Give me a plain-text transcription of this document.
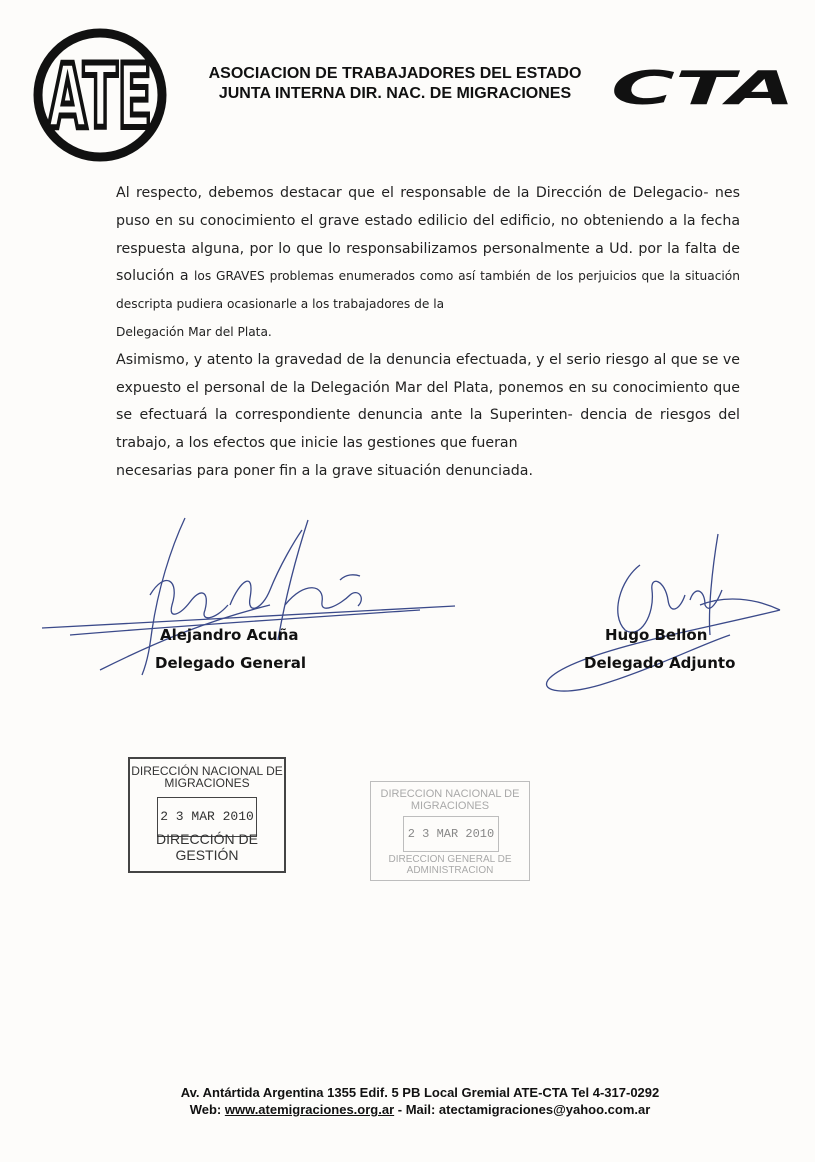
ATE	ASOCIACION DE TRABAJADORES DEL ESTADO
JUNTA INTERNA DIR. NAC. DE MIGRACIONES CTA

Al respecto, debemos destacar que el responsable de la Dirección de Delegacio- nes puso en su conocimiento el grave estado edilicio del edificio, no obteniendo a la fecha respuesta alguna, por lo que lo responsabilizamos personalmente a Ud. por la falta de solución a los GRAVES problemas enumerados como así también de los perjuicios que la situación descripta pudiera ocasionarle a los trabajadores de la
Delegación Mar del Plata.

Asimismo, y atento la gravedad de la denuncia efectuada, y el serio riesgo al que se ve expuesto el personal de la Delegación Mar del Plata, ponemos en su conocimiento que se efectuará la correspondiente denuncia ante la Superinten- dencia de riesgos del trabajo, a los efectos que inicie las gestiones que fueran
necesarias para poner fin a la grave situación denunciada.

Alejandro Acuña
Delegado General
Hugo Bellon
Delegado Adjunto
DIRECCIÓN NACIONAL DE MIGRACIONES
2 3 MAR 2010
DIRECCIÓN DE GESTIÓN
DIRECCION NACIONAL DE MIGRACIONES
2 3 MAR 2010
DIRECCION GENERAL DE ADMINISTRACION
Av. Antártida Argentina 1355 Edif. 5 PB Local Gremial ATE-CTA Tel 4-317-0292
Web: www.atemigraciones.org.ar - Mail: atectamigraciones@yahoo.com.ar
